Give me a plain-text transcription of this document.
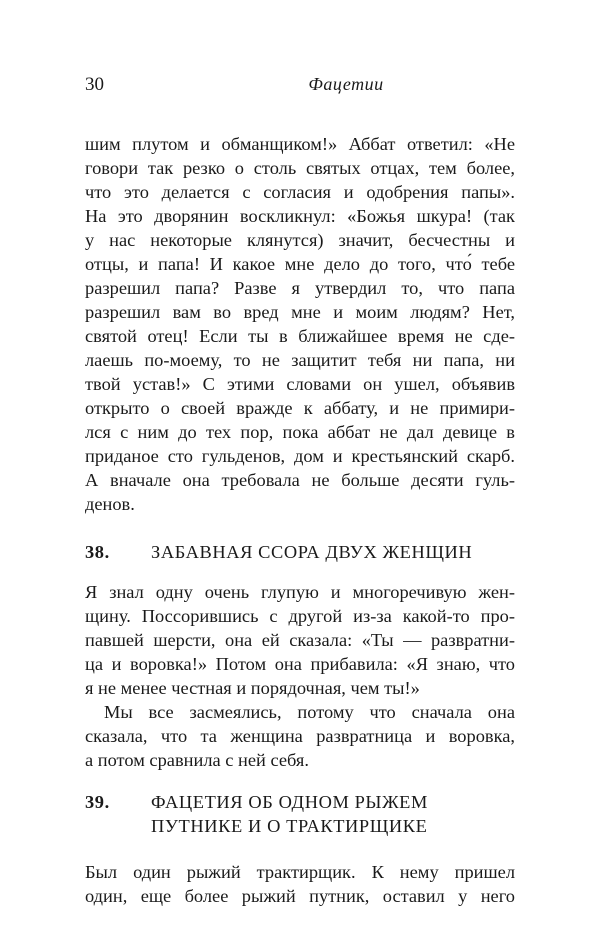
30	Фацетии
шим плутом и обманщиком!» Аббат ответил: «Не
говори так резко о столь святых отцах, тем более,
что это делается с согласия и одобрения папы».
На это дворянин воскликнул: «Божья шкура! (так
у нас некоторые клянутся) значит, бесчестны и
отцы, и папа! И какое мне дело до того, что́ тебе
разрешил папа? Разве я утвердил то, что папа
разрешил вам во вред мне и моим людям? Нет,
святой отец! Если ты в ближайшее время не сде-
лаешь по-моему, то не защитит тебя ни папа, ни
твой устав!» С этими словами он ушел, объявив
открыто о своей вражде к аббату, и не примири-
лся с ним до тех пор, пока аббат не дал девице в
приданое сто гульденов, дом и крестьянский скарб.
А вначале она требовала не больше десяти гуль-
денов.
38. ЗАБАВНАЯ ССОРА ДВУХ ЖЕНЩИН
Я знал одну очень глупую и многоречивую жен-
щину. Поссорившись с другой из-за какой-то про-
павшей шерсти, она ей сказала: «Ты — развратни-
ца и воровка!» Потом она прибавила: «Я знаю, что
я не менее честная и порядочная, чем ты!»
Мы все засмеялись, потому что сначала она
сказала, что та женщина развратница и воровка,
а потом сравнила с ней себя.
39. ФАЦЕТИЯ ОБ ОДНОМ РЫЖЕМ
ПУТНИКЕ И О ТРАКТИРЩИКЕ
Был один рыжий трактирщик. К нему пришел
один, еще более рыжий путник, оставил у него
